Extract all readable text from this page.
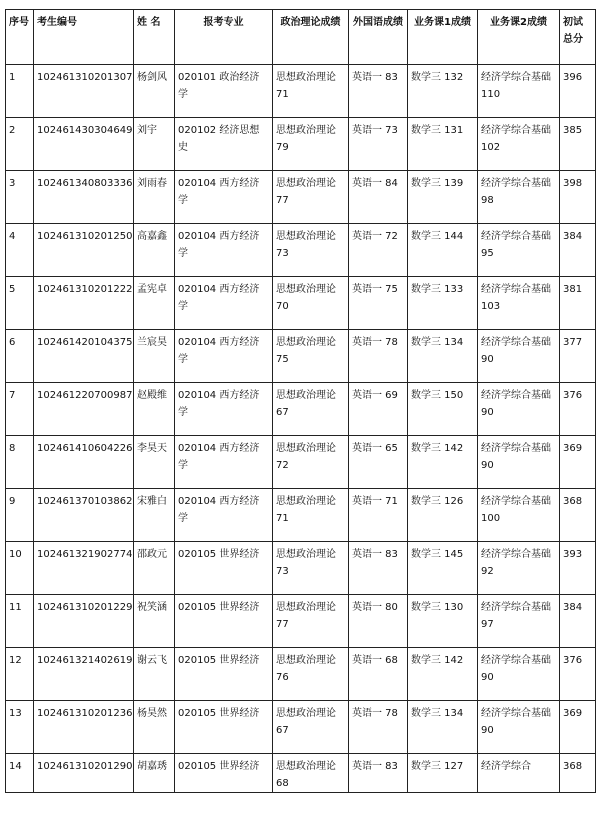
序号	考生编号	姓 名	报考专业	政治理论成绩	外国语成绩	业务课1成绩	业务课2成绩	初试总分
1	102461310201307	杨剑风	020101 政治经济学	思想政治理论 71	英语一 83	数学三 132	经济学综合基础 110	396
2	102461430304649	刘宇	020102 经济思想史	思想政治理论 79	英语一 73	数学三 131	经济学综合基础 102	385
3	102461340803336	刘雨春	020104 西方经济学	思想政治理论 77	英语一 84	数学三 139	经济学综合基础 98	398
4	102461310201250	高嘉鑫	020104 西方经济学	思想政治理论 73	英语一 72	数学三 144	经济学综合基础 95	384
5	102461310201222	孟宪卓	020104 西方经济学	思想政治理论 70	英语一 75	数学三 133	经济学综合基础 103	381
6	102461420104375	兰宸昊	020104 西方经济学	思想政治理论 75	英语一 78	数学三 134	经济学综合基础 90	377
7	102461220700987	赵殿维	020104 西方经济学	思想政治理论 67	英语一 69	数学三 150	经济学综合基础 90	376
8	102461410604226	李昊天	020104 西方经济学	思想政治理论 72	英语一 65	数学三 142	经济学综合基础 90	369
9	102461370103862	宋雅白	020104 西方经济学	思想政治理论 71	英语一 71	数学三 126	经济学综合基础 100	368
10	102461321902774	邵政元	020105 世界经济	思想政治理论 73	英语一 83	数学三 145	经济学综合基础 92	393
11	102461310201229	祝笑涵	020105 世界经济	思想政治理论 77	英语一 80	数学三 130	经济学综合基础 97	384
12	102461321402619	谢云飞	020105 世界经济	思想政治理论 76	英语一 68	数学三 142	经济学综合基础 90	376
13	102461310201236	杨昊然	020105 世界经济	思想政治理论 67	英语一 78	数学三 134	经济学综合基础 90	369
14	102461310201290	胡嘉琇	020105 世界经济	思想政治理论 68	英语一 83	数学三 127	经济学综合	368
